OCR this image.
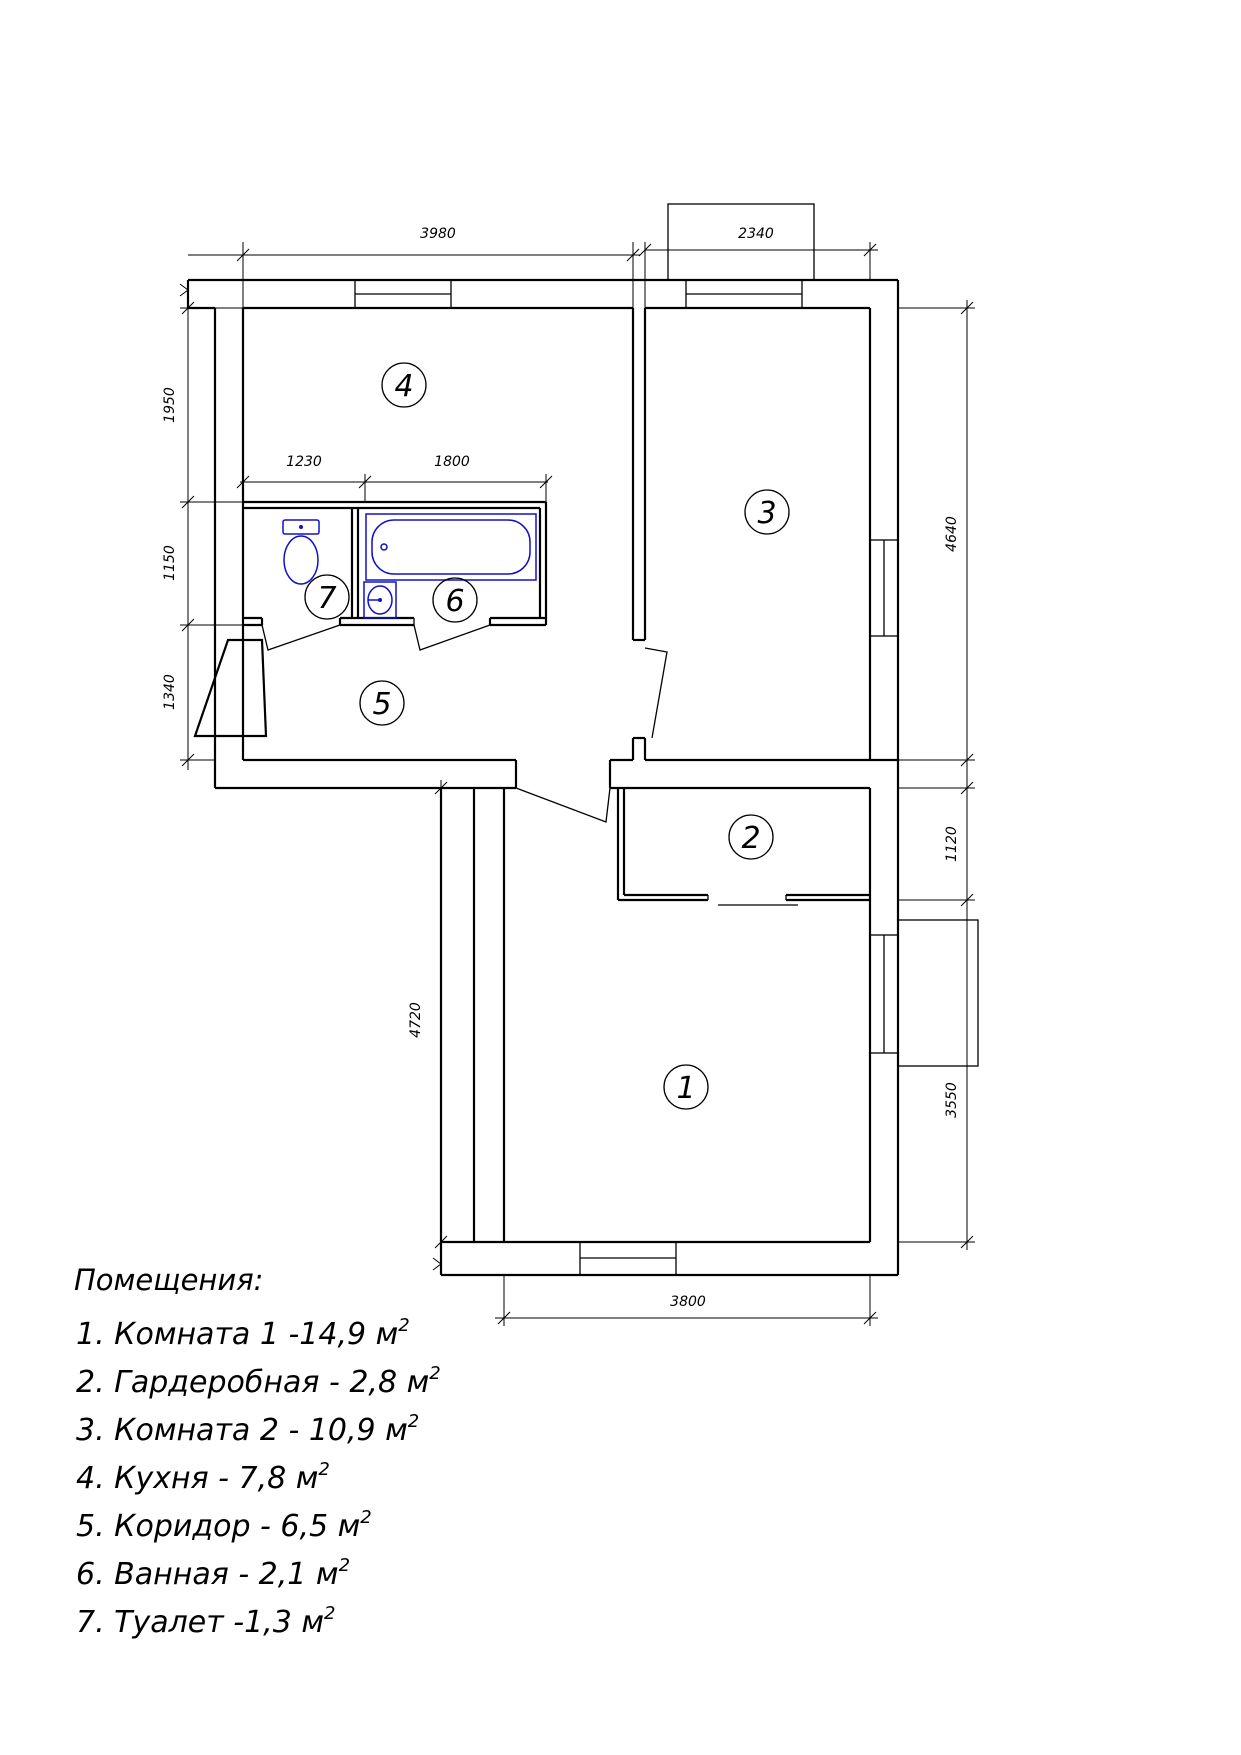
3980	2340
1950
1150
1340
1230	1800
4640
1120
3550
4720
3800
1
2
3
4
5
6
7
Помещения:
1. Комната 1 -14,9 $м^2$
2. Гардеробная - 2,8 $м^2$
3. Комната 2 - 10,9 $м^2$
4. Кухня - 7,8 $м^2$
5. Коридор - 6,5 $м^2$
6. Ванная - 2,1 $м^2$
7. Туалет -1,3 $м^2$
